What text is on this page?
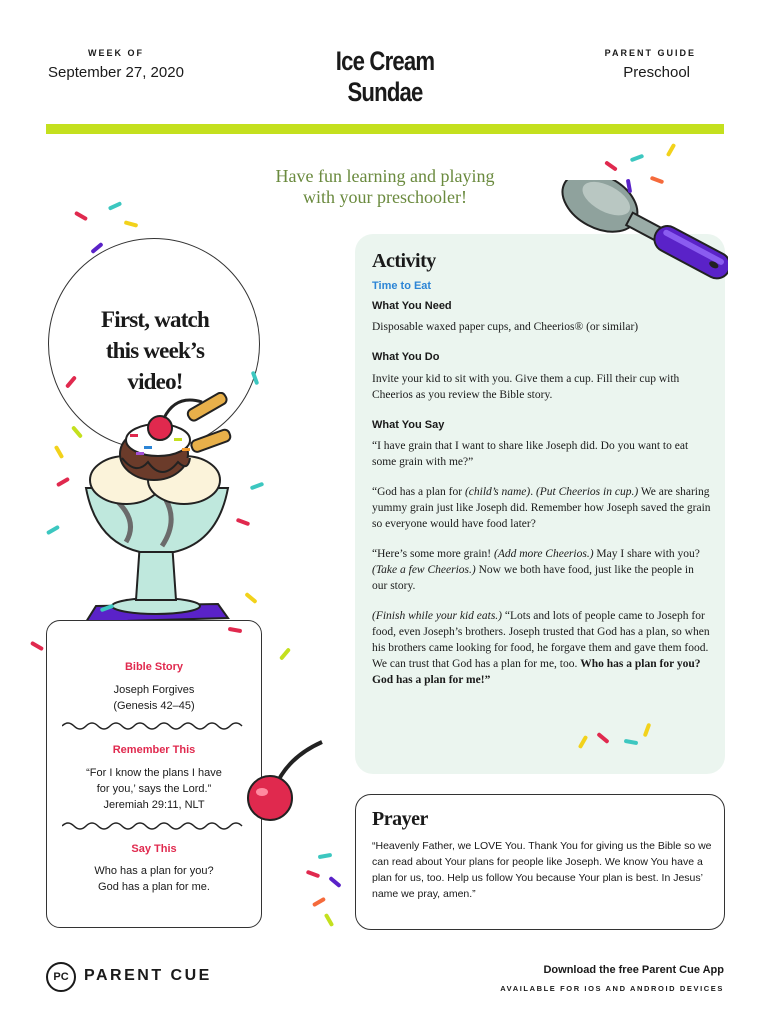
WEEK OF
September 27, 2020	Ice Cream
Sundae
PARENT GUIDE
Preschool
Have fun learning and playing
with your preschooler!
First, watch
this week’s
video!
Activity
Time to Eat
What You Need
Disposable waxed paper cups, and Cheerios® (or similar)
What You Do
Invite your kid to sit with you. Give them a cup. Fill their cup with Cheerios as you review the Bible story.
What You Say
“I have grain that I want to share like Joseph did. Do you want to eat some grain with me?”
“God has a plan for (child’s name). (Put Cheerios in cup.) We are sharing yummy grain just like Joseph did. Remember how Joseph saved the grain so everyone would have food later?
“Here’s some more grain! (Add more Cheerios.) May I share with you? (Take a few Cheerios.) Now we both have food, just like the people in our story.
(Finish while your kid eats.) “Lots and lots of people came to Joseph for food, even Joseph’s brothers. Joseph trusted that God has a plan, so when his brothers came looking for food, he forgave them and gave them food. We can trust that God has a plan for me, too. Who has a plan for you? God has a plan for me!”
Bible Story
Joseph Forgives
(Genesis 42–45)
Remember This
“For I know the plans I have
for you,’ says the Lord.”
Jeremiah 29:11, NLT
Say This
Who has a plan for you?
God has a plan for me.
Prayer
“Heavenly Father, we LOVE You. Thank You for giving us the Bible so we can read about Your plans for people like Joseph. We know You have a plan for us, too. Help us follow You because Your plan is best. In Jesus’ name we pray, amen.”
PC PARENT CUE	Download the free Parent Cue App
AVAILABLE FOR IOS AND ANDROID DEVICES
